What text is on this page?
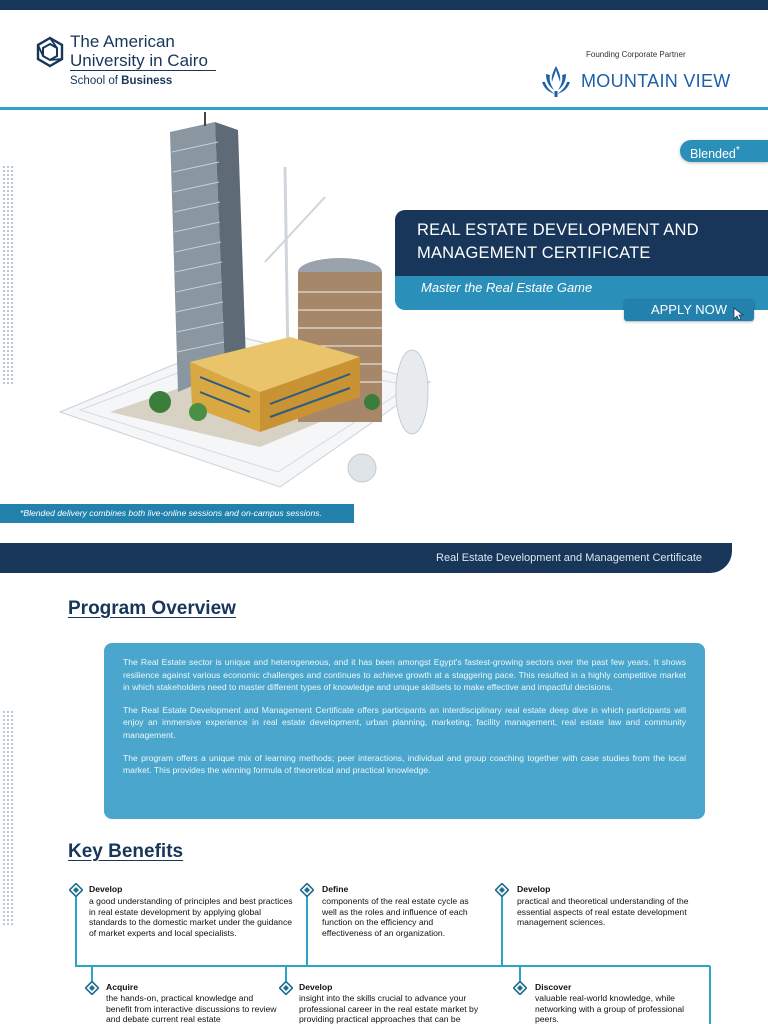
The American
University in Cairo
School of Business
Founding Corporate Partner
MOUNTAIN VIEW
Blended*
REAL ESTATE DEVELOPMENT AND
MANAGEMENT CERTIFICATE
Master the Real Estate Game
APPLY NOW
*Blended delivery combines both live-online sessions and on-campus sessions.
Real Estate Development and Management Certificate
Program Overview

The Real Estate sector is unique and heterogeneous, and it has been amongst Egypt's fastest-growing sectors over the past few years. It shows resilience against various economic challenges and continues to achieve growth at a staggering pace. This resulted in a highly competitive market in which stakeholders need to master different types of knowledge and unique skillsets to make effective and impactful decisions.

The Real Estate Development and Management Certificate offers participants an interdisciplinary real estate deep dive in which participants will enjoy an immersive experience in real estate development, urban planning, marketing, facility management, real estate law and community management.

The program offers a unique mix of learning methods; peer interactions, individual and group coaching together with case studies from the local market. This provides the winning formula of theoretical and practical knowledge.

Key Benefits
Develop
a good understanding of principles and best practices in real estate development by applying global standards to the domestic market under the guidance of market experts and local specialists.
Define
components of the real estate cycle as well as the roles and influence of each function on the efficiency and effectiveness of an organization.
Develop
practical and theoretical understanding of the essential aspects of real estate development management sciences.
Acquire
the hands-on, practical knowledge and benefit from interactive discussions to review and debate current real estate
Develop
insight into the skills crucial to advance your professional career in the real estate market by providing practical approaches that can be
Discover
valuable real-world knowledge, while networking with a group of professional peers.
